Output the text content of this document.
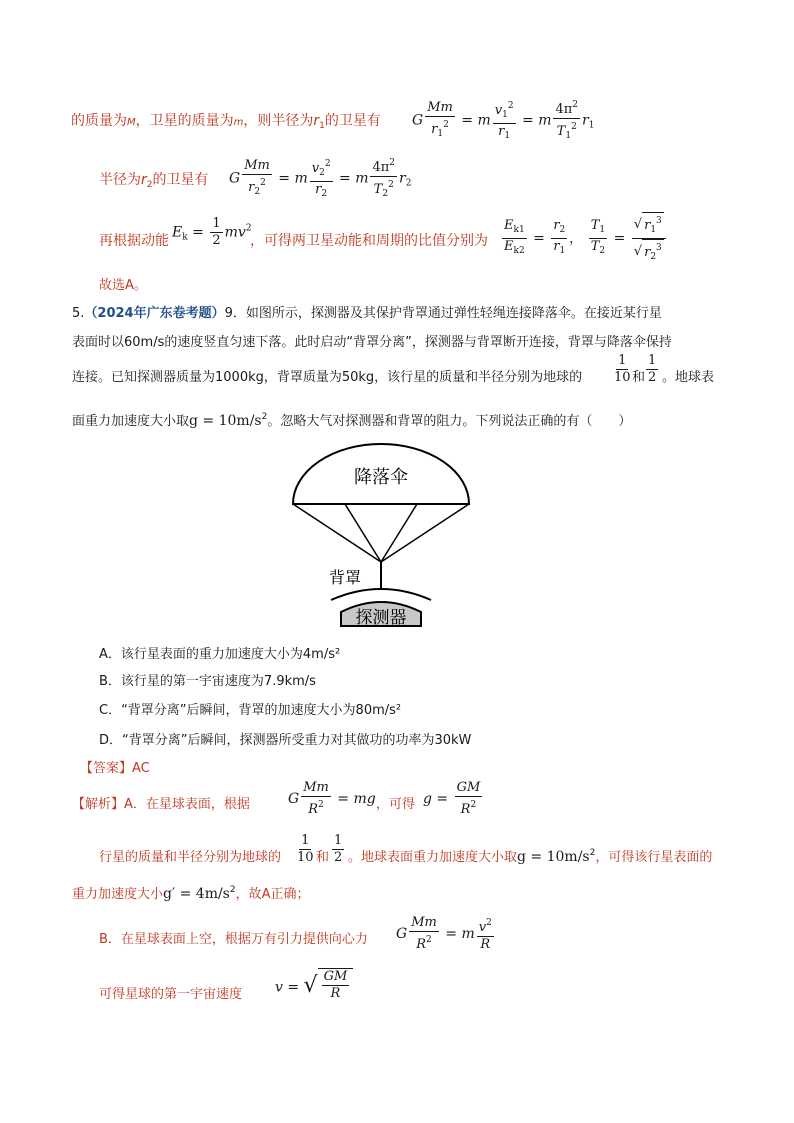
的质量为M，卫星的质量为m，则半径为$r_1$的卫星有 G $\frac{Mm}{r_1^2} = m \frac{v_1^2}{r_1} = m \frac{4\pi^2}{T_1^2} r_1$
半径为$r_2$的卫星有 G $\frac{Mm}{r_2^2} = m \frac{v_2^2}{r_2} = m \frac{4\pi^2}{T_2^2} r_2$
再根据动能
$E_k = \frac{1}{2} mv^2$
，可得两卫星动能和周期的比值分别为 $\frac{E_{k1}}{E_{k2}} = \frac{r_2}{r_1}$ ， $\frac{T_1}{T_2} = \frac{√ r_1^3}{√ r_2^3}$
故选A。
5.（2024年广东卷考题）9．如图所示，探测器及其保护背罩通过弹性轻绳连接降落伞。在接近某行星
表面时以60m/s的速度竖直匀速下落。此时启动“背罩分离”，探测器与背罩断开连接，背罩与降落伞保持
连接。已知探测器质量为1000kg，背罩质量为50kg，该行星的质量和半径分别为地球的 $\frac{1}{10}$ 和 $\frac{1}{2}$ 。地球表
面重力加速度大小取$g = 10m/s^2$。忽略大气对探测器和背罩的阻力。下列说法正确的有（　　）
降落伞
背罩
探测器
A．该行星表面的重力加速度大小为4m/s²
B．该行星的第一宇宙速度为7.9km/s
C．“背罩分离”后瞬间，背罩的加速度大小为80m/s²
D．“背罩分离”后瞬间，探测器所受重力对其做功的功率为30kW
【答案】AC
【解析】A．在星球表面，根据	G $\frac{Mm}{R^2}$ = mg ，可得 $g = \frac{GM}{R^2}$
行星的质量和半径分别为地球的 $\frac{1}{10}$ 和 $\frac{1}{2}$ 。地球表面重力加速度大小取$g = 10m/s^2$，可得该行星表面的
重力加速度大小$g' = 4m/s^2$，故A正确；
B．在星球表面上空，根据万有引力提供向心力 G $\frac{Mm}{R^2} = m \frac{v^2}{R}$
可得星球的第一宇宙速度 v = √ $\frac{GM}{R}$
